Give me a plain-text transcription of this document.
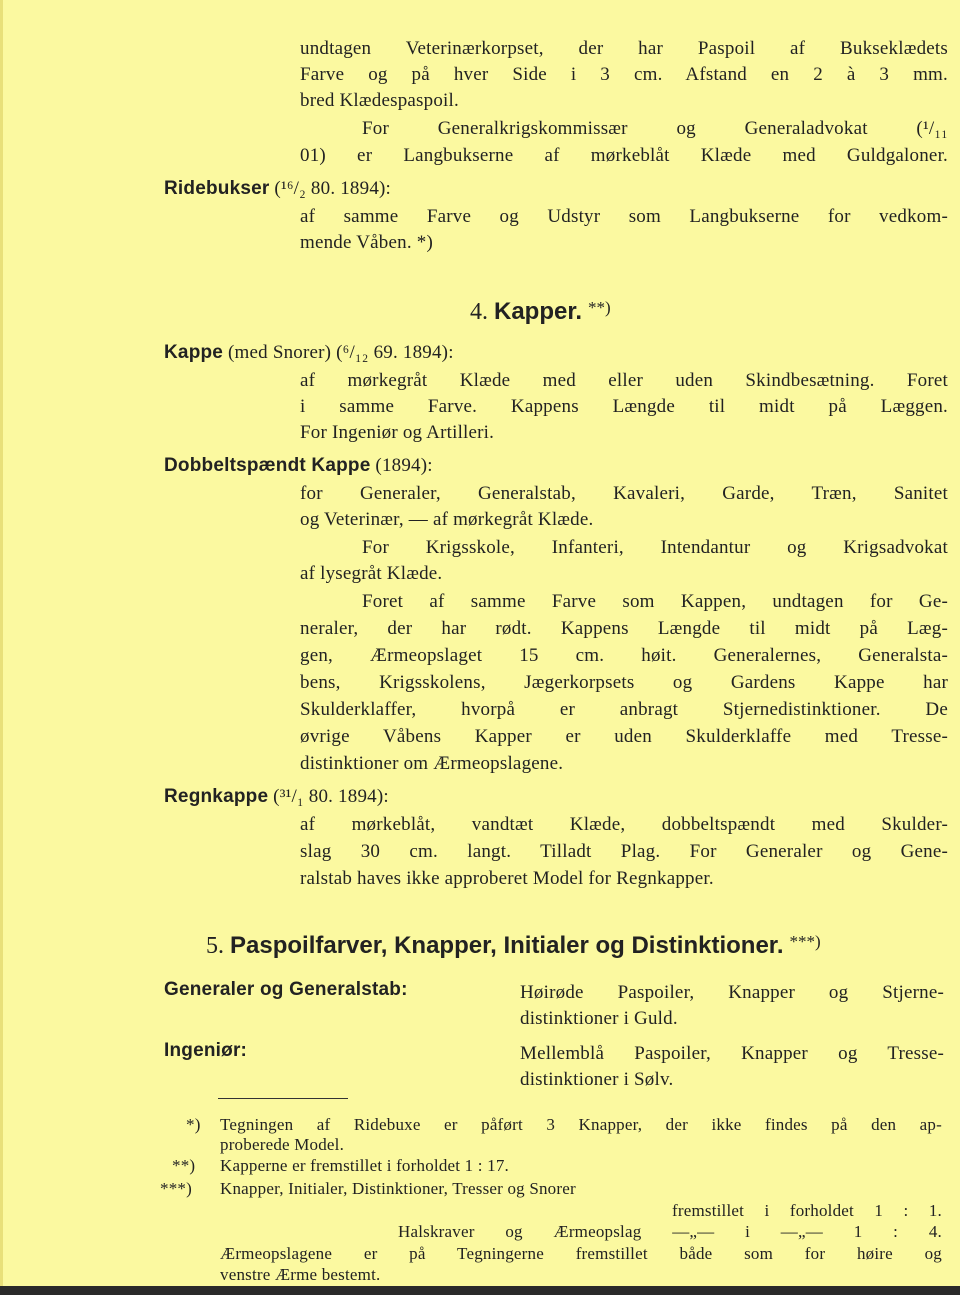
undtagen Veterinærkorpset, der har Paspoil af Bukseklædets
Farve og på hver Side i 3 cm. Afstand en 2 à 3 mm.
bred Klædespaspoil.
For Generalkrigskommissær og Generaladvokat (¹/₁₁
01) er Langbukserne af mørkeblåt Klæde med Guldgaloner.
Ridebukser (¹⁶/₂ 80. 1894):
af samme Farve og Udstyr som Langbukserne for vedkom-
mende Våben. *)
4. Kapper. **)
Kappe (med Snorer) (⁶/₁₂ 69. 1894):
af mørkegråt Klæde med eller uden Skindbesætning. Foret
i samme Farve. Kappens Længde til midt på Læggen.
For Ingeniør og Artilleri.
Dobbeltspændt Kappe (1894):
for Generaler, Generalstab, Kavaleri, Garde, Træn, Sanitet
og Veterinær, — af mørkegråt Klæde.
For Krigsskole, Infanteri, Intendantur og Krigsadvokat
af lysegråt Klæde.
Foret af samme Farve som Kappen, undtagen for Ge-
neraler, der har rødt. Kappens Længde til midt på Læg-
gen, Ærmeopslaget 15 cm. høit. Generalernes, Generalsta-
bens, Krigsskolens, Jægerkorpsets og Gardens Kappe har
Skulderklaffer, hvorpå er anbragt Stjernedistinktioner. De
øvrige Våbens Kapper er uden Skulderklaffe med Tresse-
distinktioner om Ærmeopslagene.
Regnkappe (³¹/₁ 80. 1894):
af mørkeblåt, vandtæt Klæde, dobbeltspændt med Skulder-
slag 30 cm. langt. Tilladt Plag. For Generaler og Gene-
ralstab haves ikke approberet Model for Regnkapper.
5. Paspoilfarver, Knapper, Initialer og Distinktioner. ***)
Generaler og Generalstab:	Høirøde Paspoiler, Knapper og Stjerne-
distinktioner i Guld.
Ingeniør:	Mellemblå Paspoiler, Knapper og Tresse-
distinktioner i Sølv.
*) Tegningen af Ridebuxe er påført 3 Knapper, der ikke findes på den ap-
proberede Model.
**) Kapperne er fremstillet i forholdet 1 : 17.
***) Knapper, Initialer, Distinktioner, Tresser og Snorer
fremstillet i forholdet 1 : 1.
Halskraver og Ærmeopslag —„— i —„— 1 : 4.
Ærmeopslagene er på Tegningerne fremstillet både som for høire og
venstre Ærme bestemt.
